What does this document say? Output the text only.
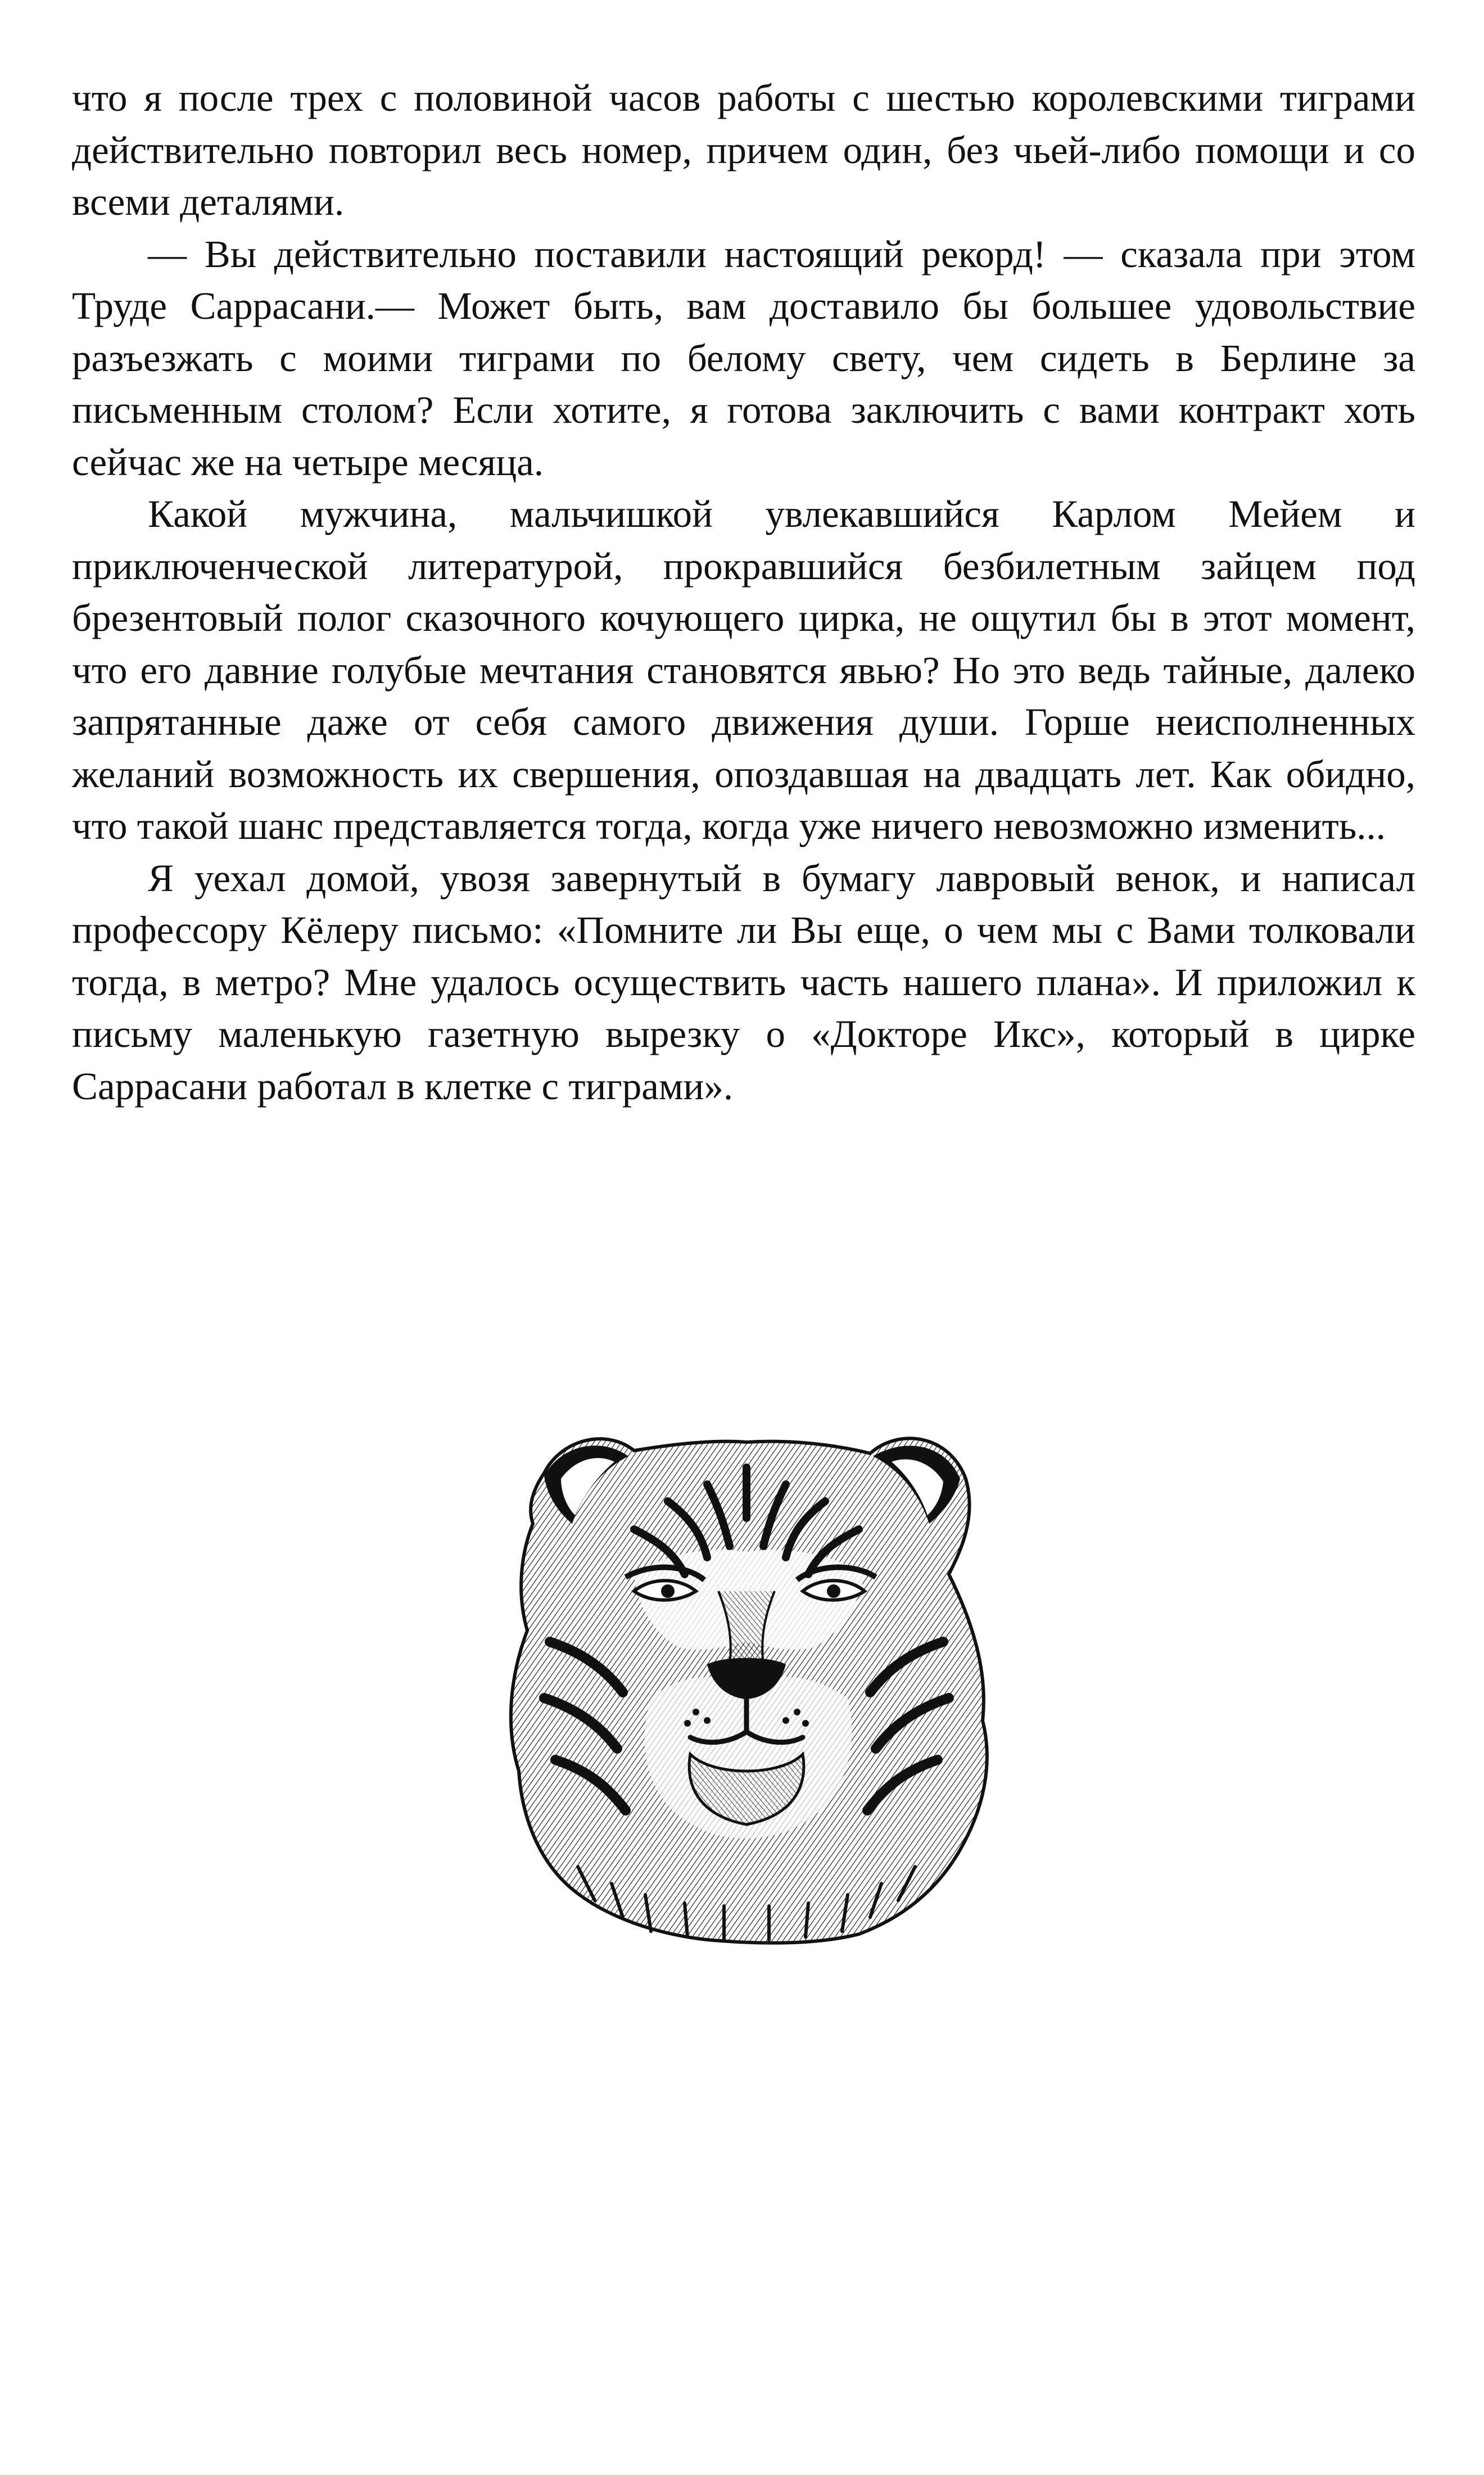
что я после трех с половиной часов работы с шестью королевскими тиграми действительно повторил весь номер, причем один, без чьей-либо помощи и со всеми деталями.

— Вы действительно поставили настоящий рекорд! — сказала при этом Труде Саррасани.— Может быть, вам доставило бы большее удовольствие разъезжать с моими тиграми по белому свету, чем сидеть в Берлине за письменным столом? Если хотите, я готова заключить с вами контракт хоть сейчас же на четыре месяца.

Какой мужчина, мальчишкой увлекавшийся Карлом Мейем и приключенческой литературой, прокравшийся безбилетным зайцем под брезентовый полог сказочного кочующего цирка, не ощутил бы в этот момент, что его давние голубые мечтания становятся явью? Но это ведь тайные, далеко запрятанные даже от себя самого движения души. Горше неисполненных желаний возможность их свершения, опоздавшая на двадцать лет. Как обидно, что такой шанс представляется тогда, когда уже ничего невозможно изменить...

Я уехал домой, увозя завернутый в бумагу лавровый венок, и написал профессору Кёлеру письмо: «Помните ли Вы еще, о чем мы с Вами толковали тогда, в метро? Мне удалось осуществить часть нашего плана». И приложил к письму маленькую газетную вырезку о «Докторе Икс», который в цирке Саррасани работал в клетке с тиграми».
